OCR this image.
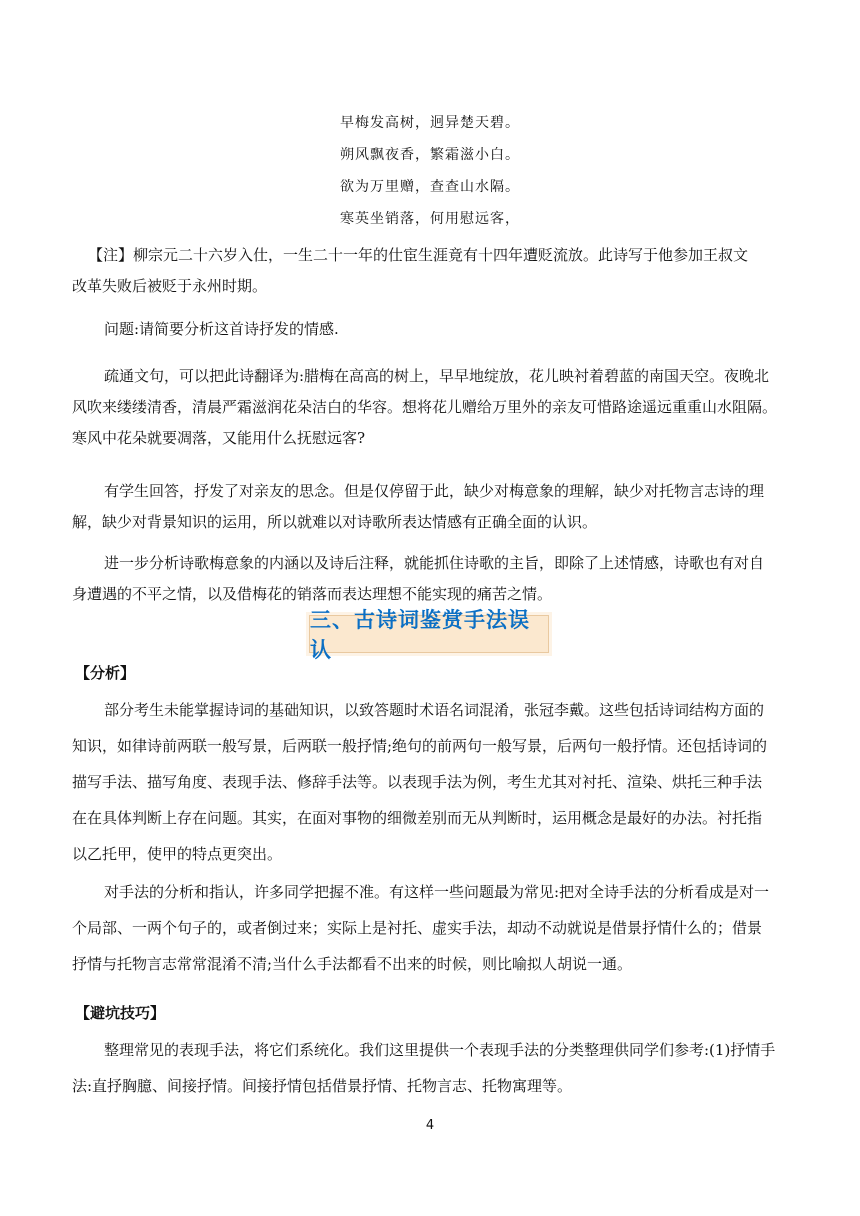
早梅发高树，迥异楚天碧。
朔风飘夜香，繁霜滋小白。
欲为万里赠，查查山水隔。
寒英坐销落，何用慰远客，
【注】柳宗元二十六岁入仕，一生二十一年的仕宦生涯竟有十四年遭贬流放。此诗写于他参加王叔文
改革失败后被贬于永州时期。
问题:请简要分析这首诗抒发的情感.
疏通文句，可以把此诗翻译为:腊梅在高高的树上，早早地绽放，花儿映衬着碧蓝的南国天空。夜晚北

风吹来缕缕清香，清晨严霜滋润花朵洁白的华容。想将花儿赠给万里外的亲友可惜路途遥远重重山水阻隔。
寒风中花朵就要凋落，又能用什么抚慰远客?
有学生回答，抒发了对亲友的思念。但是仅停留于此，缺少对梅意象的理解，缺少对托物言志诗的理

解，缺少对背景知识的运用，所以就难以对诗歌所表达情感有正确全面的认识。
进一步分析诗歌梅意象的内涵以及诗后注释，就能抓住诗歌的主旨，即除了上述情感，诗歌也有对自

身遭遇的不平之情，以及借梅花的销落而表达理想不能实现的痛苦之情。
三、古诗词鉴赏手法误认
【分析】
部分考生未能掌握诗词的基础知识，以致答题时术语名词混淆，张冠李戴。这些包括诗词结构方面的

知识，如律诗前两联一般写景，后两联一般抒情;绝句的前两句一般写景，后两句一般抒情。还包括诗词的
描写手法、描写角度、表现手法、修辞手法等。以表现手法为例，考生尤其对衬托、渲染、烘托三种手法
在在具体判断上存在问题。其实，在面对事物的细微差别而无从判断时，运用概念是最好的办法。衬托指
以乙托甲，使甲的特点更突出。
对手法的分析和指认，许多同学把握不准。有这样一些问题最为常见:把对全诗手法的分析看成是对一

个局部、一两个句子的，或者倒过来；实际上是衬托、虚实手法，却动不动就说是借景抒情什么的；借景
抒情与托物言志常常混淆不清;当什么手法都看不出来的时候，则比喻拟人胡说一通。
【避坑技巧】
整理常见的表现手法，将它们系统化。我们这里提供一个表现手法的分类整理供同学们参考:(1)抒情手

法:直抒胸臆、间接抒情。间接抒情包括借景抒情、托物言志、托物寓理等。
4
